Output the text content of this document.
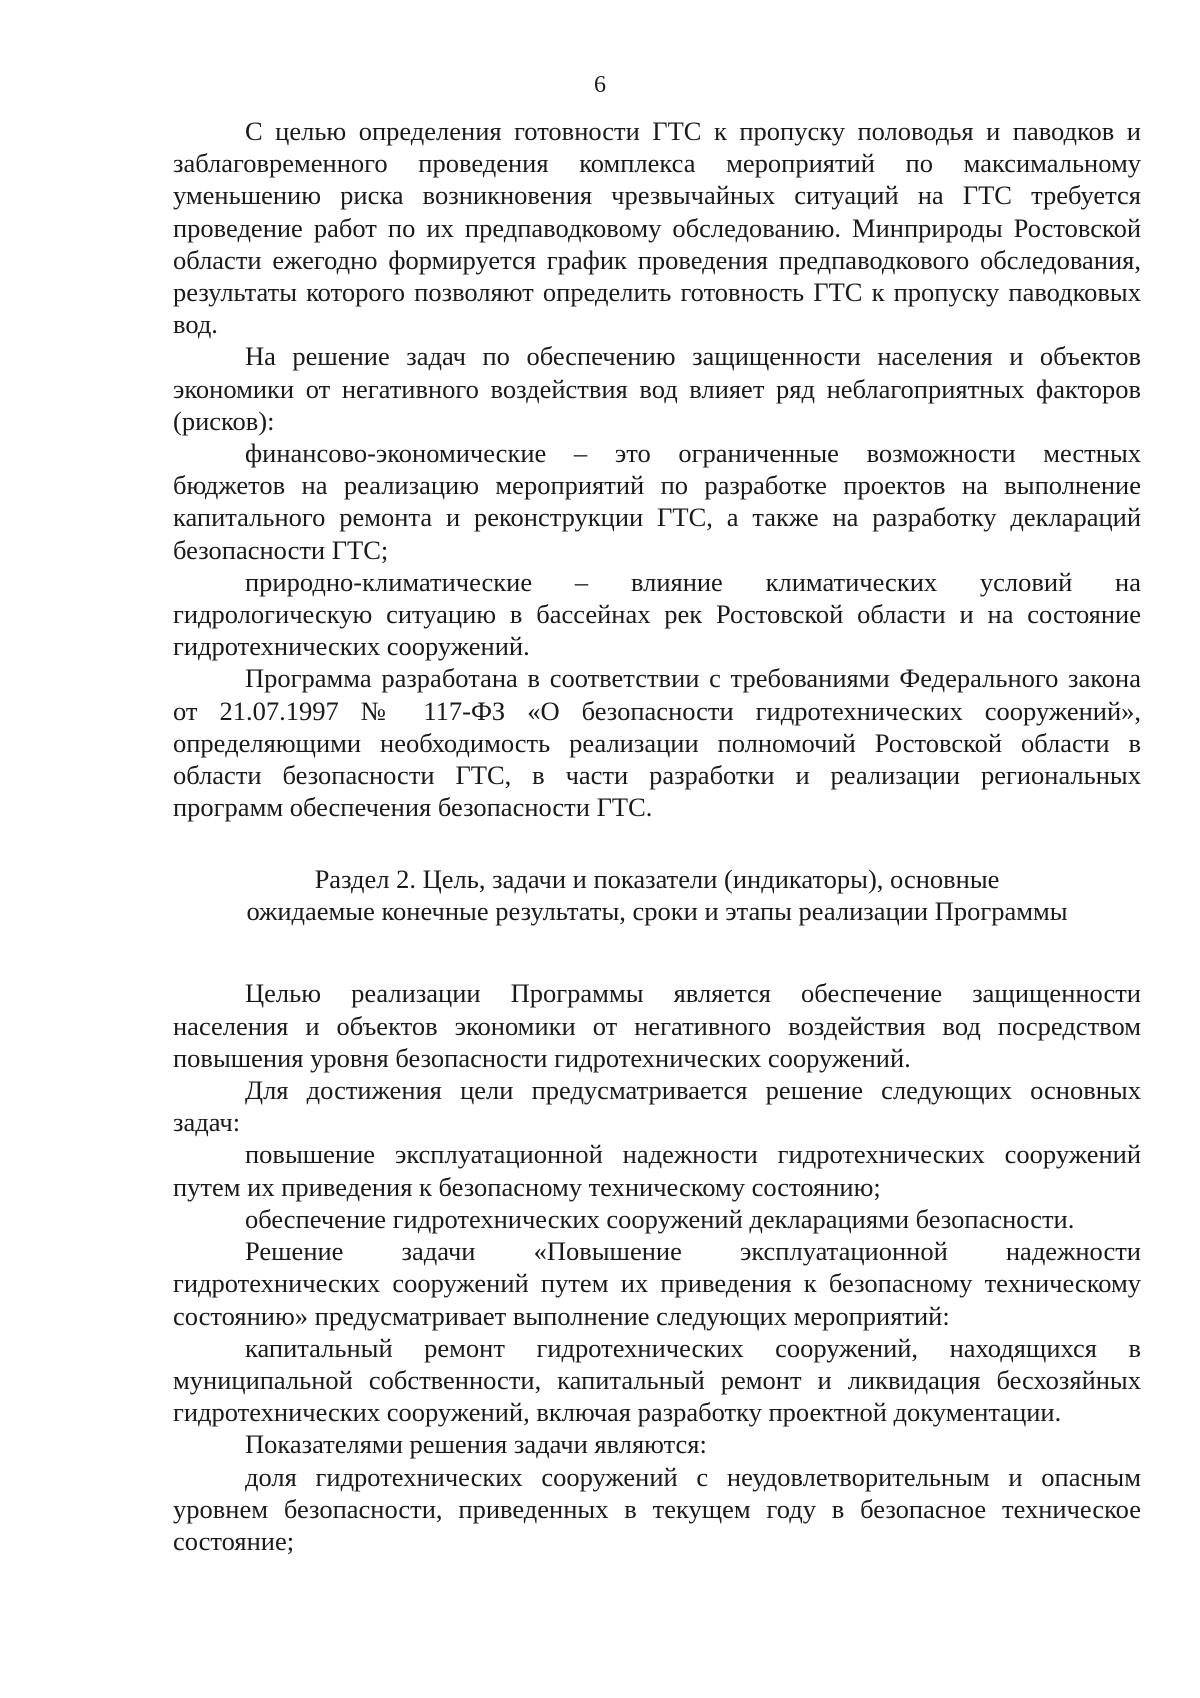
6

С целью определения готовности ГТС к пропуску половодья и паводков и заблаговременного проведения комплекса мероприятий по максимальному уменьшению риска возникновения чрезвычайных ситуаций на ГТС требуется проведение работ по их предпаводковому обследованию. Минприроды Ростовской области ежегодно формируется график проведения предпаводкового обследования, результаты которого позволяют определить готовность ГТС к пропуску паводковых вод.

На решение задач по обеспечению защищенности населения и объектов экономики от негативного воздействия вод влияет ряд неблагоприятных факторов (рисков):

финансово-экономические – это ограниченные возможности местных бюджетов на реализацию мероприятий по разработке проектов на выполнение капитального ремонта и реконструкции ГТС, а также на разработку деклараций безопасности ГТС;

природно-климатические – влияние климатических условий на гидрологическую ситуацию в бассейнах рек Ростовской области и на состояние гидротехнических сооружений.

Программа разработана в соответствии с требованиями Федерального закона от 21.07.1997 № 117-ФЗ «О безопасности гидротехнических сооружений», определяющими необходимость реализации полномочий Ростовской области в области безопасности ГТС, в части разработки и реализации региональных программ обеспечения безопасности ГТС.

Раздел 2. Цель, задачи и показатели (индикаторы), основные
ожидаемые конечные результаты, сроки и этапы реализации Программы

Целью реализации Программы является обеспечение защищенности населения и объектов экономики от негативного воздействия вод посредством повышения уровня безопасности гидротехнических сооружений.

Для достижения цели предусматривается решение следующих основных задач:

повышение эксплуатационной надежности гидротехнических сооружений путем их приведения к безопасному техническому состоянию;

обеспечение гидротехнических сооружений декларациями безопасности.

Решение задачи «Повышение эксплуатационной надежности гидротехнических сооружений путем их приведения к безопасному техническому состоянию» предусматривает выполнение следующих мероприятий:

капитальный ремонт гидротехнических сооружений, находящихся в муниципальной собственности, капитальный ремонт и ликвидация бесхозяйных гидротехнических сооружений, включая разработку проектной документации.

Показателями решения задачи являются:

доля гидротехнических сооружений с неудовлетворительным и опасным уровнем безопасности, приведенных в текущем году в безопасное техническое состояние;
